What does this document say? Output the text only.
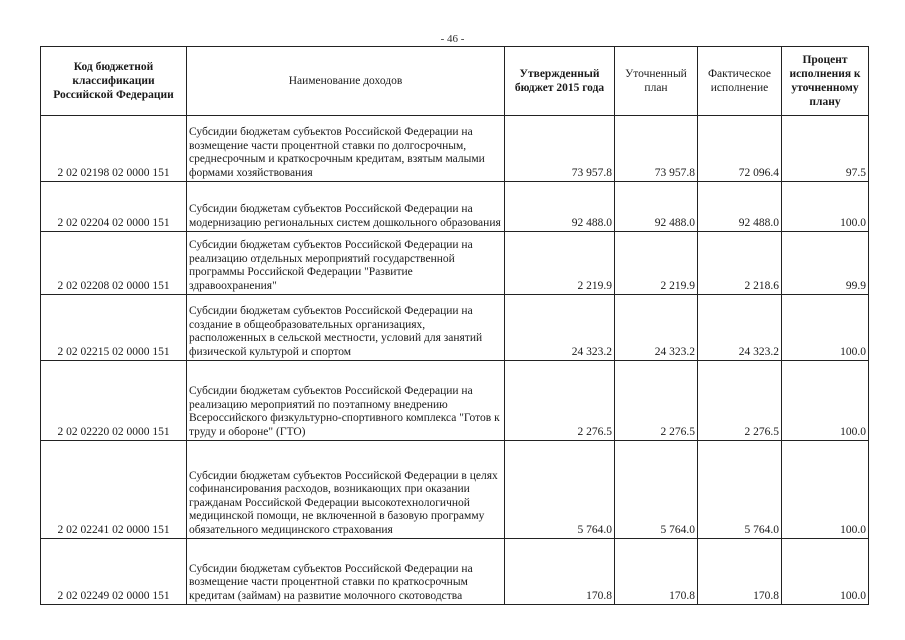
- 46 -
Код бюджетной классификации Российской Федерации	Наименование доходов	Утвержденный бюджет 2015 года	Уточненный план	Фактическое исполнение	Процент исполнения к уточненному плану
2 02 02198 02 0000 151	Субсидии бюджетам субъектов Российской Федерации на возмещение части процентной ставки по долгосрочным, среднесрочным и краткосрочным кредитам, взятым малыми формами хозяйствования	73 957.8	73 957.8	72 096.4	97.5
2 02 02204 02 0000 151	Субсидии бюджетам субъектов Российской Федерации на модернизацию региональных систем дошкольного образования	92 488.0	92 488.0	92 488.0	100.0
2 02 02208 02 0000 151	Субсидии бюджетам субъектов Российской Федерации на реализацию отдельных мероприятий государственной программы Российской Федерации "Развитие здравоохранения"	2 219.9	2 219.9	2 218.6	99.9
2 02 02215 02 0000 151	Субсидии бюджетам субъектов Российской Федерации на создание в общеобразовательных организациях, расположенных в сельской местности, условий для занятий физической культурой и спортом	24 323.2	24 323.2	24 323.2	100.0
2 02 02220 02 0000 151	Субсидии бюджетам субъектов Российской Федерации на реализацию мероприятий по поэтапному внедрению Всероссийского физкультурно-спортивного комплекса "Готов к труду и обороне" (ГТО)	2 276.5	2 276.5	2 276.5	100.0
2 02 02241 02 0000 151	Субсидии бюджетам субъектов Российской Федерации в целях софинансирования расходов, возникающих при оказании гражданам Российской Федерации высокотехнологичной медицинской помощи, не включенной в базовую программу обязательного медицинского страхования	5 764.0	5 764.0	5 764.0	100.0
2 02 02249 02 0000 151	Субсидии бюджетам субъектов Российской Федерации на возмещение части процентной ставки по краткосрочным кредитам (займам) на развитие молочного скотоводства	170.8	170.8	170.8	100.0
